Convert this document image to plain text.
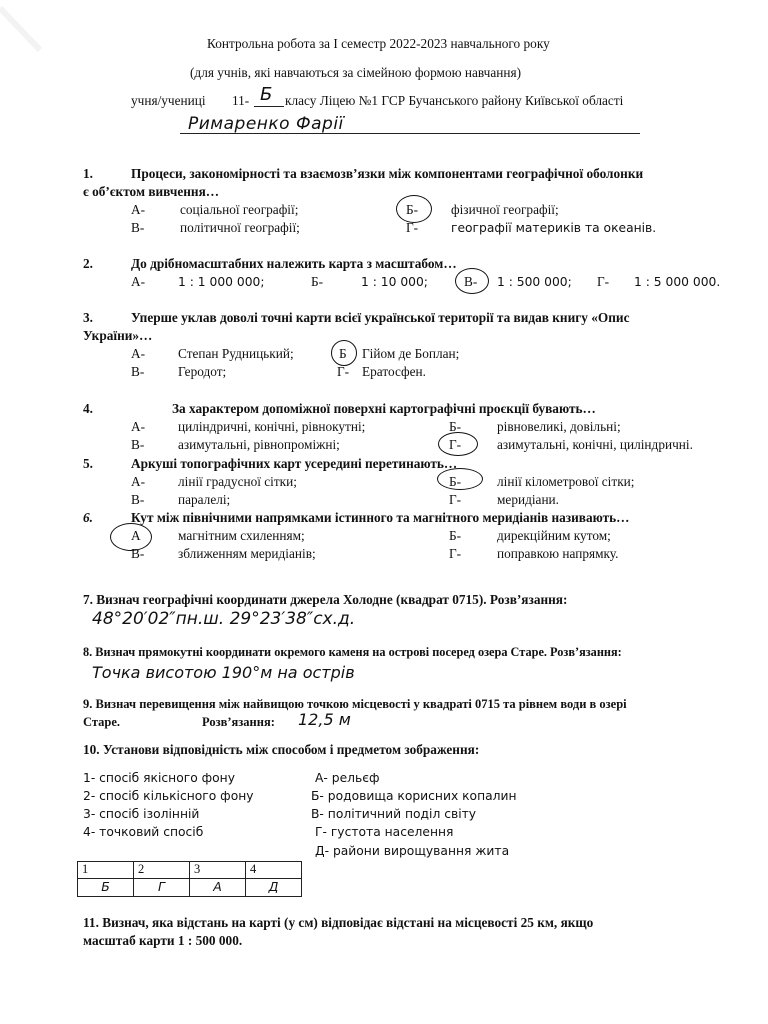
Контрольна робота за І семестр 2022-2023 навчального року
(для учнів, які навчаються за сімейною формою навчання)
учня/учениці 11- Б класу Ліцею №1 ГСР Бучанського району Київської області
Римаренко Фарії
1.	Процеси, закономірності та взаємозв’язки між компонентами географічної оболонки
є об’єктом вивчення…
А-	соціальної географії;	Б- фізичної географії;
В-	політичної географії;	Г-	географії материків та океанів.
2.	До дрібномасштабних належить карта з масштабом…
А-	1 : 1 000 000;	Б-	1 : 10 000;	В- 1 : 500 000; Г- 1 : 5 000 000.
3.	Уперше уклав доволі точні карти всієї української території та видав книгу «Опис
України»…
А- Степан Рудницький;	Б Гійом де Боплан;
В-	Геродот;	Г- Ератосфен.
4.	За характером допоміжної поверхні картографічні проєкції бувають…
А- циліндричні, конічні, рівнокутні;	Б-	рівновеликі, довільні;
В-	азимутальні, рівнопроміжні;	Г-	азимутальні, конічні, циліндричні.
5.	Аркуші топографічних карт усередині перетинають…
А- лінії градусної сітки;	Б-	лінії кілометрової сітки;
В-	паралелі;	Г-	меридіани.
6.	Кут між північними напрямками істинного та магнітного меридіанів називають…
А	магнітним схиленням;	Б-	дирекційним кутом;
В-	зближенням меридіанів;	Г-	поправкою напрямку.
7. Визнач географічні координати джерела Холодне (квадрат 0715). Розв’язання:
48°20′02″пн.ш. 29°23′38″сх.д.
8. Визнач прямокутні координати окремого каменя на острові посеред озера Старе. Розв’язання:
Точка висотою 190°м на острів
9. Визнач перевищення між найвищою точкою місцевості у квадраті 0715 та рівнем води в озері
Старе.	Розв’язання: 12,5 м
10. Установи відповідність між способом і предметом зображення:
1- спосіб якісного фону
2- спосіб кількісного фону
3- спосіб ізолінній
4- точковий спосіб
А- рельєф
Б- родовища корисних копалин
В- політичний поділ світу
Г- густота населення
Д- райони вирощування жита
1	2	3	4
Б	Г	А	Д
11. Визнач, яка відстань на карті (у см) відповідає відстані на місцевості 25 км, якщо
масштаб карти 1 : 500 000.
